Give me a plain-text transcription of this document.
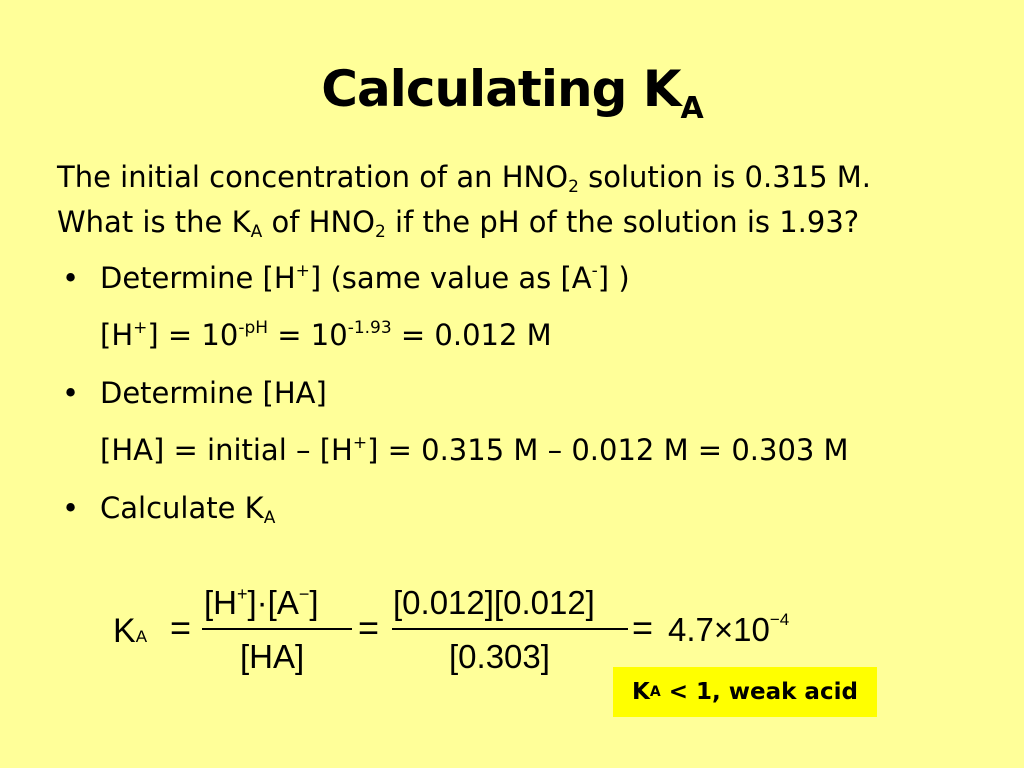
Calculating $K_A$
The initial concentration of an $HNO_2$ solution is 0.315 M.
What is the $K_A$ of $HNO_2$ if the pH of the solution is 1.93?
• Determine [H+] (same value as [A-] )
$[H^+] = 10^{-pH} = 10^{-1.93} = 0.012$ M
• Determine [HA]
[HA] = initial – [H+] = 0.315 M – 0.012 M = 0.303 M
• Calculate $K_A$
KA =
[H+]·[A−]
[HA]
=
[0.012][0.012]
[0.303]
= $4.7\times 10^{-4}$
K A < 1, weak acid
